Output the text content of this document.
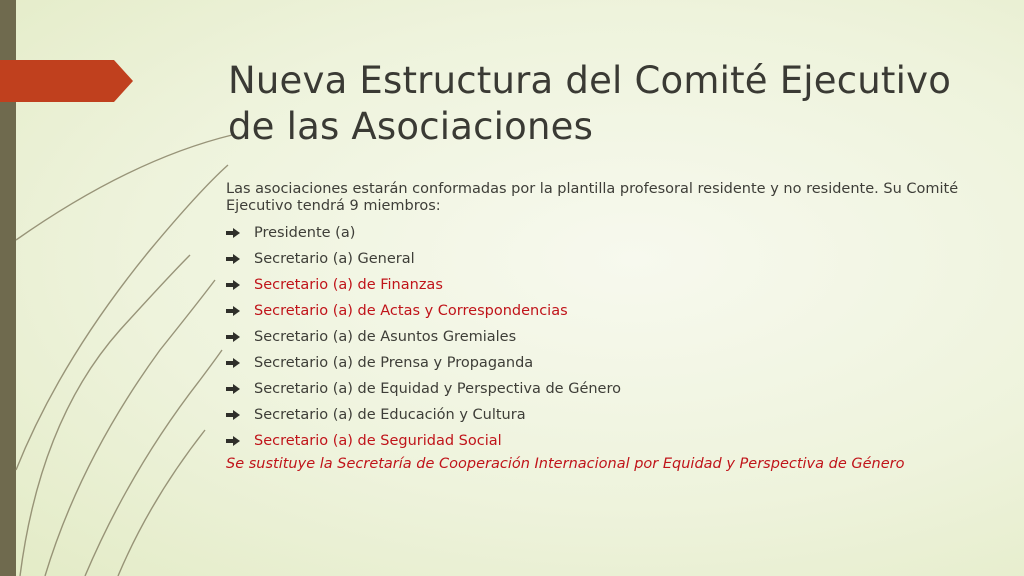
Nueva Estructura del Comité Ejecutivo de las Asociaciones

Las asociaciones estarán conformadas por la plantilla profesoral residente y no residente. Su Comité Ejecutivo tendrá 9 miembros:

Presidente (a)
Secretario (a) General
Secretario (a) de Finanzas
Secretario (a) de Actas y Correspondencias
Secretario (a) de Asuntos Gremiales
Secretario (a) de Prensa y Propaganda
Secretario (a) de Equidad y Perspectiva de Género
Secretario (a) de Educación y Cultura
Secretario (a) de Seguridad Social

Se sustituye la Secretaría de Cooperación Internacional por Equidad y Perspectiva de Género
